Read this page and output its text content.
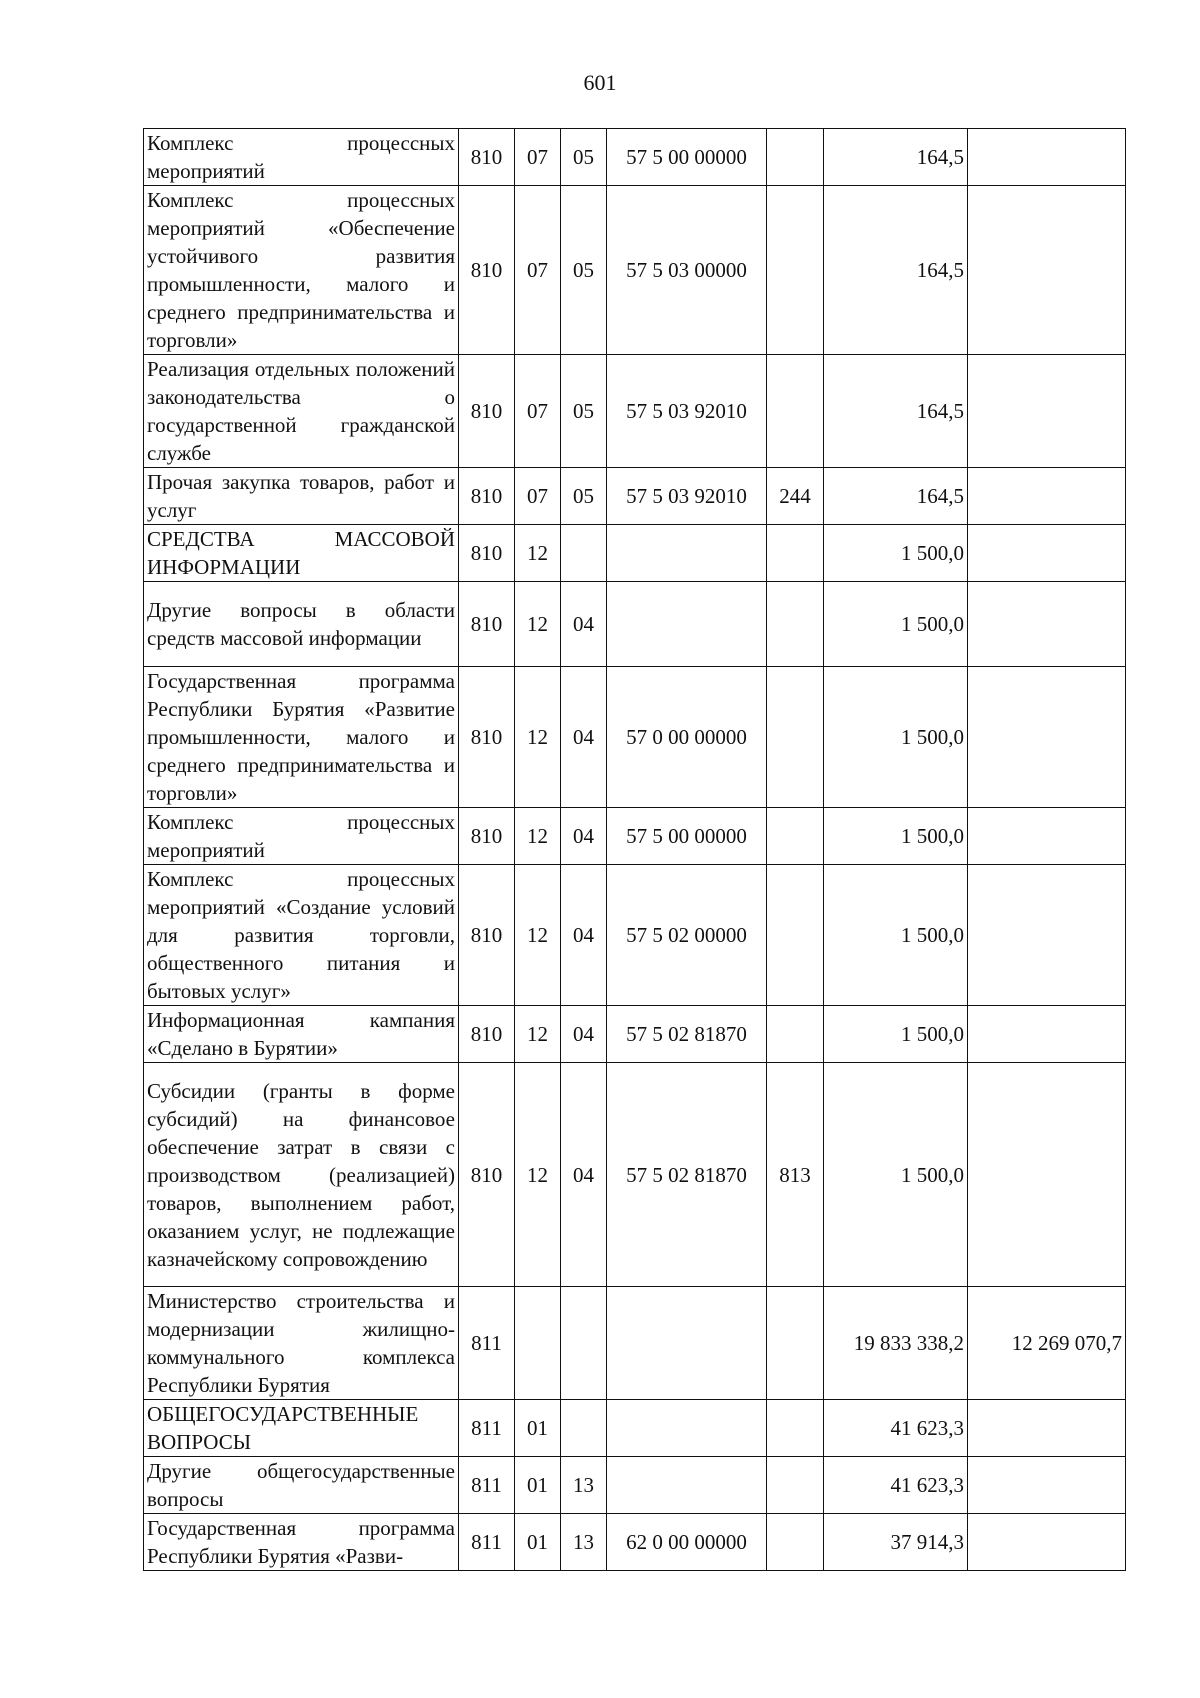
601
Комплекс процессных мероприятий	810	07	05	57 5 00 00000		164,5	
Комплекс процессных мероприятий «Обеспечение устойчивого развития промышленности, малого и среднего предпринимательства и торговли»	810	07	05	57 5 03 00000		164,5	
Реализация отдельных положений законодательства о государственной гражданской службе	810	07	05	57 5 03 92010		164,5	
Прочая закупка товаров, работ и услуг	810	07	05	57 5 03 92010	244	164,5	
СРЕДСТВА МАССОВОЙ ИНФОРМАЦИИ	810	12				1 500,0	
Другие вопросы в области средств массовой информации	810	12	04			1 500,0	
Государственная программа Республики Бурятия «Развитие промышленности, малого и среднего предпринимательства и торговли»	810	12	04	57 0 00 00000		1 500,0	
Комплекс процессных мероприятий	810	12	04	57 5 00 00000		1 500,0	
Комплекс процессных мероприятий «Создание условий для развития торговли, общественного питания и бытовых услуг»	810	12	04	57 5 02 00000		1 500,0	
Информационная кампания «Сделано в Бурятии»	810	12	04	57 5 02 81870		1 500,0	
Субсидии (гранты в форме субсидий) на финансовое обеспечение затрат в связи с производством (реализацией) товаров, выполнением работ, оказанием услуг, не подлежащие казначейскому сопровождению	810	12	04	57 5 02 81870	813	1 500,0	
Министерство строительства и модернизации жилищно-коммунального комплекса Республики Бурятия	811					19 833 338,2	12 269 070,7
ОБЩЕГОСУДАРСТВЕННЫЕ ВОПРОСЫ	811	01				41 623,3	
Другие общегосударственные вопросы	811	01	13			41 623,3	
Государственная программа Республики Бурятия «Разви-	811	01	13	62 0 00 00000		37 914,3	
